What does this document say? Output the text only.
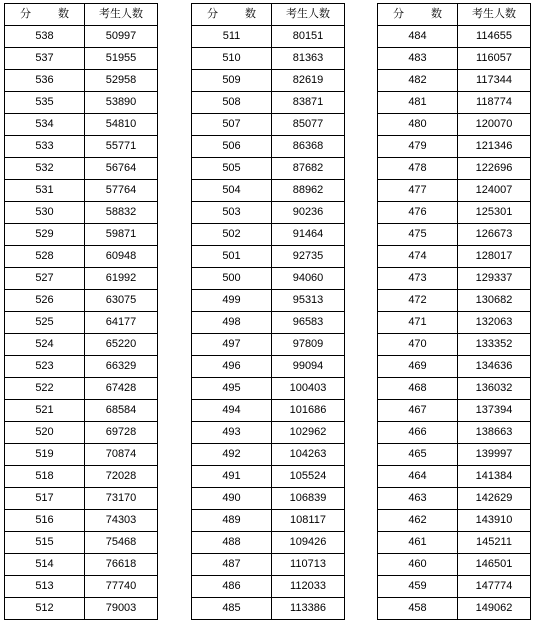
分 数	考生人数
538	50997
537	51955
536	52958
535	53890
534	54810
533	55771
532	56764
531	57764
530	58832
529	59871
528	60948
527	61992
526	63075
525	64177
524	65220
523	66329
522	67428
521	68584
520	69728
519	70874
518	72028
517	73170
516	74303
515	75468
514	76618
513	77740
512	79003
分 数	考生人数
511	80151
510	81363
509	82619
508	83871
507	85077
506	86368
505	87682
504	88962
503	90236
502	91464
501	92735
500	94060
499	95313
498	96583
497	97809
496	99094
495	100403
494	101686
493	102962
492	104263
491	105524
490	106839
489	108117
488	109426
487	110713
486	112033
485	113386
分 数	考生人数
484	114655
483	116057
482	117344
481	118774
480	120070
479	121346
478	122696
477	124007
476	125301
475	126673
474	128017
473	129337
472	130682
471	132063
470	133352
469	134636
468	136032
467	137394
466	138663
465	139997
464	141384
463	142629
462	143910
461	145211
460	146501
459	147774
458	149062
